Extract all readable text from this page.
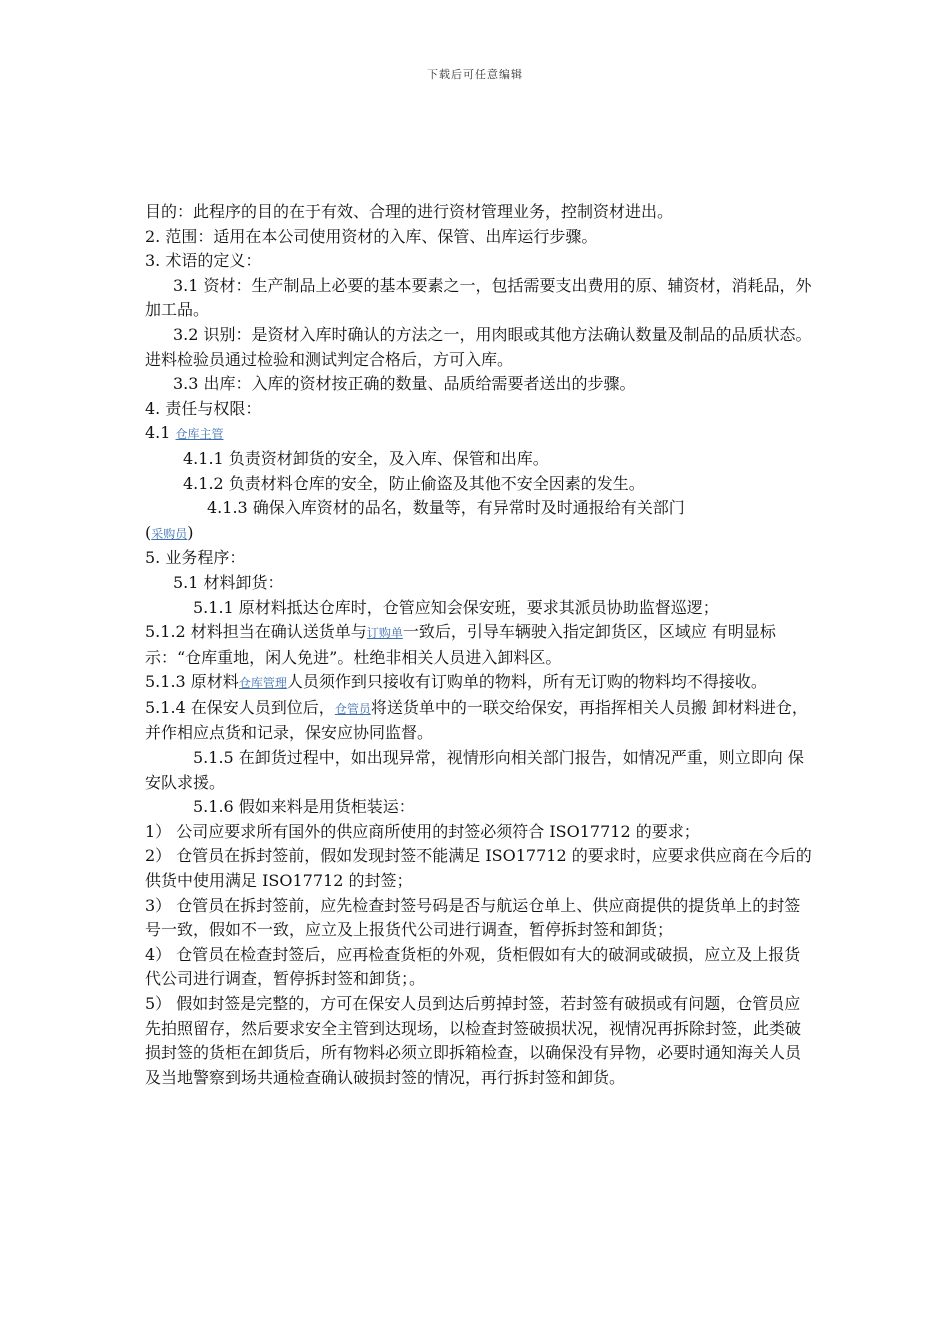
下载后可任意编辑

目的：此程序的目的在于有效、合理的进行资材管理业务，控制资材进出。

2. 范围：适用在本公司使用资材的入库、保管、出库运行步骤。

3. 术语的定义：

3.1 资材：生产制品上必要的基本要素之一，包括需要支出费用的原、辅资材，消耗品，外加工品。

3.2 识别：是资材入库时确认的方法之一，用肉眼或其他方法确认数量及制品的品质状态。进料检验员通过检验和测试判定合格后，方可入库。

3.3 出库：入库的资材按正确的数量、品质给需要者送出的步骤。

4. 责任与权限：

4.1 仓库主管

4.1.1 负责资材卸货的安全，及入库、保管和出库。

4.1.2 负责材料仓库的安全，防止偷盗及其他不安全因素的发生。

4.1.3 确保入库资材的品名，数量等，有异常时及时通报给有关部门

(采购员)

5. 业务程序：

5.1 材料卸货：

5.1.1 原材料抵达仓库时，仓管应知会保安班，要求其派员协助监督巡逻；

5.1.2 材料担当在确认送货单与订购单一致后，引导车辆驶入指定卸货区，区域应 有明显标示：“仓库重地，闲人免进”。杜绝非相关人员进入卸料区。

5.1.3 原材料仓库管理人员须作到只接收有订购单的物料，所有无订购的物料均不得接收。

5.1.4 在保安人员到位后，仓管员将送货单中的一联交给保安，再指挥相关人员搬 卸材料进仓，并作相应点货和记录，保安应协同监督。

5.1.5 在卸货过程中，如出现异常，视情形向相关部门报告，如情况严重，则立即向 保安队求援。

5.1.6 假如来料是用货柜装运：

1） 公司应要求所有国外的供应商所使用的封签必须符合 ISO17712 的要求；

2） 仓管员在拆封签前，假如发现封签不能满足 ISO17712 的要求时，应要求供应商在今后的供货中使用满足 ISO17712 的封签；

3） 仓管员在拆封签前，应先检查封签号码是否与航运仓单上、供应商提供的提货单上的封签号一致，假如不一致，应立及上报货代公司进行调查，暂停拆封签和卸货；

4） 仓管员在检查封签后，应再检查货柜的外观，货柜假如有大的破洞或破损，应立及上报货代公司进行调查，暂停拆封签和卸货；。

5） 假如封签是完整的，方可在保安人员到达后剪掉封签，若封签有破损或有问题，仓管员应先拍照留存，然后要求安全主管到达现场，以检查封签破损状况，视情况再拆除封签，此类破损封签的货柜在卸货后，所有物料必须立即拆箱检查，以确保没有异物，必要时通知海关人员及当地警察到场共通检查确认破损封签的情况，再行拆封签和卸货。
